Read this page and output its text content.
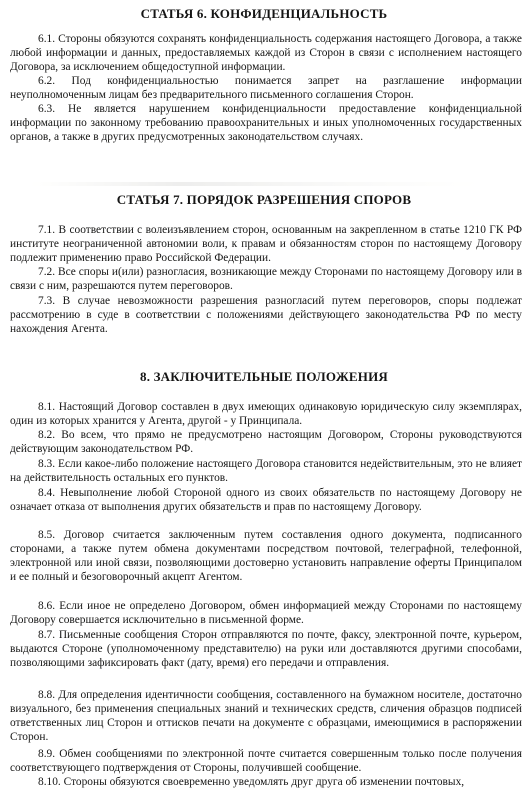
СТАТЬЯ 6. КОНФИДЕНЦИАЛЬНОСТЬ

6.1. Стороны обязуются сохранять конфиденциальность содержания настоящего Договора, а также любой информации и данных, предоставляемых каждой из Сторон в связи с исполнением настоящего Договора, за исключением общедоступной информации.

6.2. Под конфиденциальностью понимается запрет на разглашение информации неуполномоченным лицам без предварительного письменного соглашения Сторон.

6.3. Не является нарушением конфиденциальности предоставление конфиденциальной информации по законному требованию правоохранительных и иных уполномоченных государственных органов, а также в других предусмотренных законодательством случаях.

СТАТЬЯ 7. ПОРЯДОК РАЗРЕШЕНИЯ СПОРОВ

7.1. В соответствии с волеизъявлением сторон, основанным на закрепленном в статье 1210 ГК РФ институте неограниченной автономии воли, к правам и обязанностям сторон по настоящему Договору подлежит применению право Российской Федерации.

7.2. Все споры и(или) разногласия, возникающие между Сторонами по настоящему Договору или в связи с ним, разрешаются путем переговоров.

7.3. В случае невозможности разрешения разногласий путем переговоров, споры подлежат рассмотрению в суде в соответствии с положениями действующего законодательства РФ по месту нахождения Агента.

8. ЗАКЛЮЧИТЕЛЬНЫЕ ПОЛОЖЕНИЯ

8.1. Настоящий Договор составлен в двух имеющих одинаковую юридическую силу экземплярах, один из которых хранится у Агента, другой - у Принципала.

8.2. Во всем, что прямо не предусмотрено настоящим Договором, Стороны руководствуются действующим законодательством РФ.

8.3. Если какое-либо положение настоящего Договора становится недействительным, это не влияет на действительность остальных его пунктов.

8.4. Невыполнение любой Стороной одного из своих обязательств по настоящему Договору не означает отказа от выполнения других обязательств и прав по настоящему Договору.

8.5. Договор считается заключенным путем составления одного документа, подписанного сторонами, а также путем обмена документами посредством почтовой, телеграфной, телефонной, электронной или иной связи, позволяющими достоверно установить направление оферты Принципалом и ее полный и безоговорочный акцепт Агентом.

8.6. Если иное не определено Договором, обмен информацией между Сторонами по настоящему Договору совершается исключительно в письменной форме.

8.7. Письменные сообщения Сторон отправляются по почте, факсу, электронной почте, курьером, выдаются Стороне (уполномоченному представителю) на руки или доставляются другими способами, позволяющими зафиксировать факт (дату, время) его передачи и отправления.

8.8. Для определения идентичности сообщения, составленного на бумажном носителе, достаточно визуального, без применения специальных знаний и технических средств, сличения образцов подписей ответственных лиц Сторон и оттисков печати на документе с образцами, имеющимися в распоряжении Сторон.

8.9. Обмен сообщениями по электронной почте считается совершенным только после получения соответствующего подтверждения от Стороны, получившей сообщение.

8.10. Стороны обязуются своевременно уведомлять друг друга об изменении почтовых,
